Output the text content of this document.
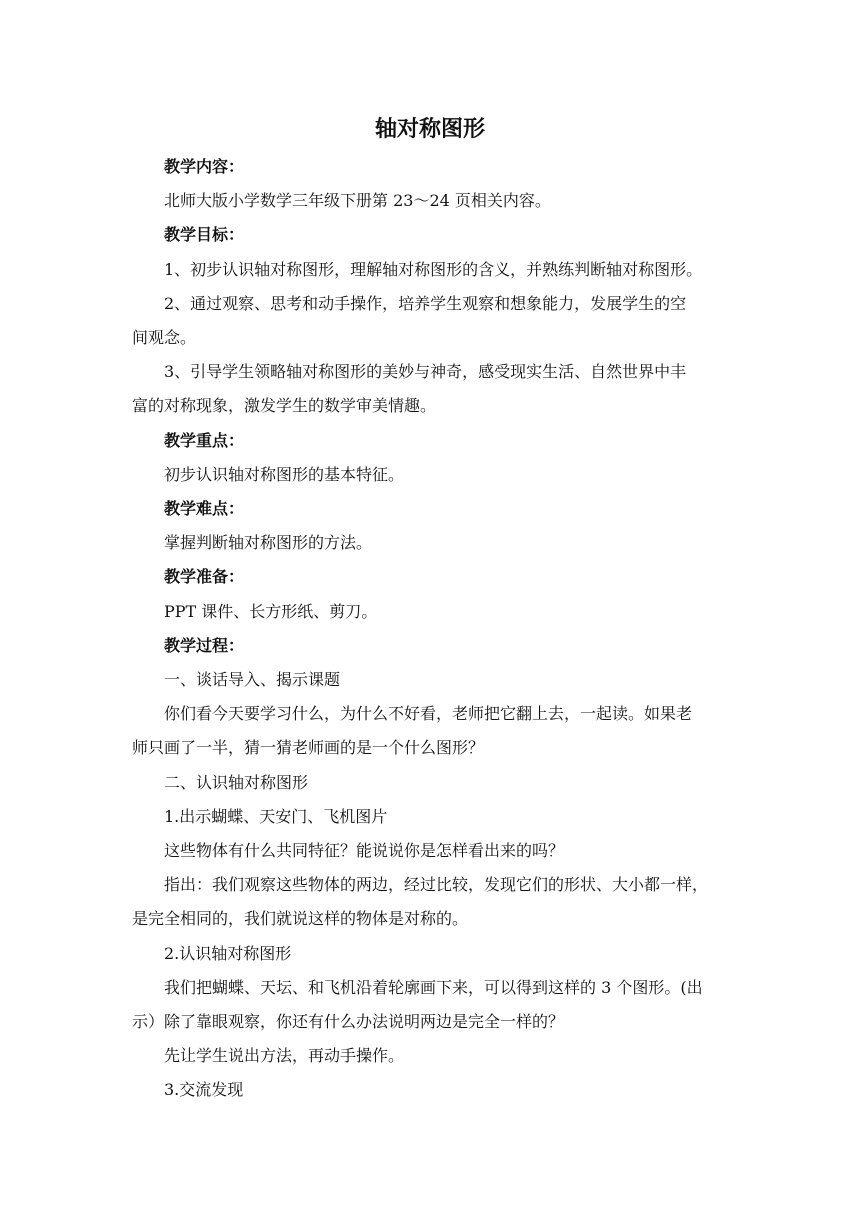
轴对称图形
教学内容：
北师大版小学数学三年级下册第 23～24 页相关内容。
教学目标：
1、初步认识轴对称图形，理解轴对称图形的含义，并熟练判断轴对称图形。
2、通过观察、思考和动手操作，培养学生观察和想象能力，发展学生的空
间观念。
3、引导学生领略轴对称图形的美妙与神奇，感受现实生活、自然世界中丰
富的对称现象，激发学生的数学审美情趣。
教学重点：
初步认识轴对称图形的基本特征。
教学难点：
掌握判断轴对称图形的方法。
教学准备：
PPT 课件、长方形纸、剪刀。
教学过程：
一、谈话导入、揭示课题
你们看今天要学习什么，为什么不好看，老师把它翻上去，一起读。如果老
师只画了一半，猜一猜老师画的是一个什么图形？
二、认识轴对称图形
1.出示蝴蝶、天安门、飞机图片
这些物体有什么共同特征？能说说你是怎样看出来的吗？
指出：我们观察这些物体的两边，经过比较，发现它们的形状、大小都一样，
是完全相同的，我们就说这样的物体是对称的。
2.认识轴对称图形
我们把蝴蝶、天坛、和飞机沿着轮廓画下来，可以得到这样的 3 个图形。(出
示）除了靠眼观察，你还有什么办法说明两边是完全一样的？
先让学生说出方法，再动手操作。
3.交流发现
